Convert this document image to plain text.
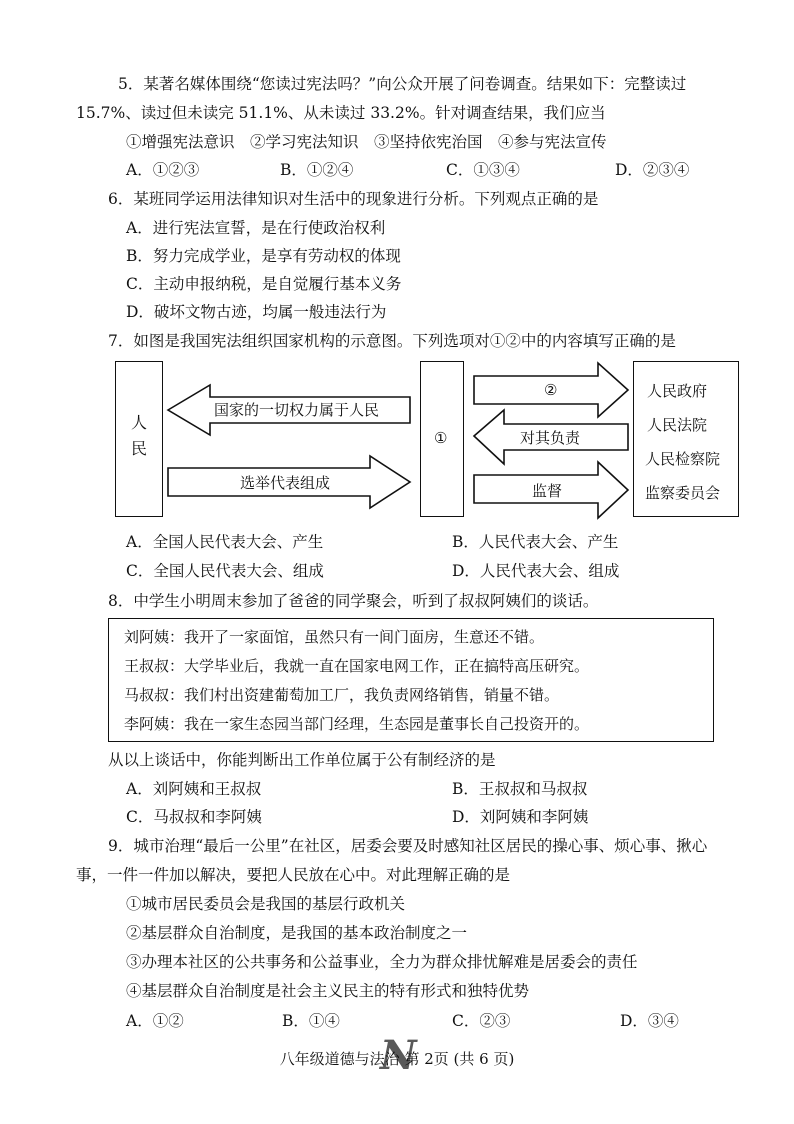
5．某著名媒体围绕“您读过宪法吗？”向公众开展了问卷调查。结果如下：完整读过
15.7%、读过但未读完 51.1%、从未读过 33.2%。针对调查结果，我们应当
①增强宪法意识　②学习宪法知识　③坚持依宪治国　④参与宪法宣传
A．①②③	B．①②④	C．①③④	D．②③④
6．某班同学运用法律知识对生活中的现象进行分析。下列观点正确的是
A．进行宪法宣誓，是在行使政治权利
B．努力完成学业，是享有劳动权的体现
C．主动申报纳税，是自觉履行基本义务
D．破坏文物古迹，均属一般违法行为
7．如图是我国宪法组织国家机构的示意图。下列选项对①②中的内容填写正确的是
人
民
国家的一切权力属于人民
选举代表组成
①
②
对其负责
监督
人民政府
人民法院
人民检察院
监察委员会
A．全国人民代表大会、产生	B．人民代表大会、产生
C．全国人民代表大会、组成	D．人民代表大会、组成
8．中学生小明周末参加了爸爸的同学聚会，听到了叔叔阿姨们的谈话。
刘阿姨：我开了一家面馆，虽然只有一间门面房，生意还不错。
王叔叔：大学毕业后，我就一直在国家电网工作，正在搞特高压研究。
马叔叔：我们村出资建葡萄加工厂，我负责网络销售，销量不错。
李阿姨：我在一家生态园当部门经理，生态园是董事长自己投资开的。
从以上谈话中，你能判断出工作单位属于公有制经济的是
A．刘阿姨和王叔叔	B．王叔叔和马叔叔
C．马叔叔和李阿姨	D．刘阿姨和李阿姨
9．城市治理“最后一公里”在社区，居委会要及时感知社区居民的操心事、烦心事、揪心
事，一件一件加以解决，要把人民放在心中。对此理解正确的是
①城市居民委员会是我国的基层行政机关
②基层群众自治制度，是我国的基本政治制度之一
③办理本社区的公共事务和公益事业，全力为群众排忧解难是居委会的责任
④基层群众自治制度是社会主义民主的特有形式和独特优势
A．①②	B．①④	C．②③	D．③④
N
八年级道德与法治 第 2页 (共 6 页)
